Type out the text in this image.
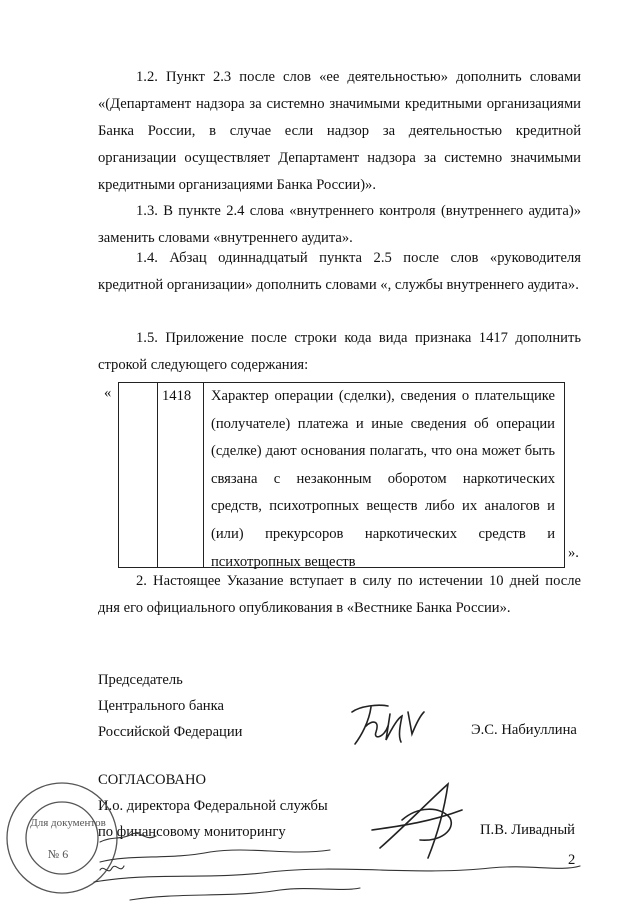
1.2. Пункт 2.3 после слов «ее деятельностью» дополнить словами «(Департамент надзора за системно значимыми кредитными организациями Банка России, в случае если надзор за деятельностью кредитной организации осуществляет Департамент надзора за системно значимыми кредитными организациями Банка России)».

1.3. В пункте 2.4 слова «внутреннего контроля (внутреннего аудита)» заменить словами «внутреннего аудита».

1.4. Абзац одиннадцатый пункта 2.5 после слов «руководителя кредитной организации» дополнить словами «, службы внутреннего аудита».

1.5. Приложение после строки кода вида признака 1417 дополнить строкой следующего содержания:

«	1418 Характер операции (сделки), сведения о плательщике (получателе) платежа и иные сведения об операции (сделке) дают основания полагать, что она может быть связана с незаконным оборотом наркотических средств, психотропных веществ либо их аналогов и (или) прекурсоров наркотических средств и психотропных веществ

».

2. Настоящее Указание вступает в силу по истечении 10 дней после дня его официального опубликования в «Вестнике Банка России».

Председатель
Центрального банка
Российской Федерации	Э.С. Набиуллина
СОГЛАСОВАНО
И.о. директора Федеральной службы
по финансовому мониторингу	П.В. Ливадный
2
Для документов
№ 6
